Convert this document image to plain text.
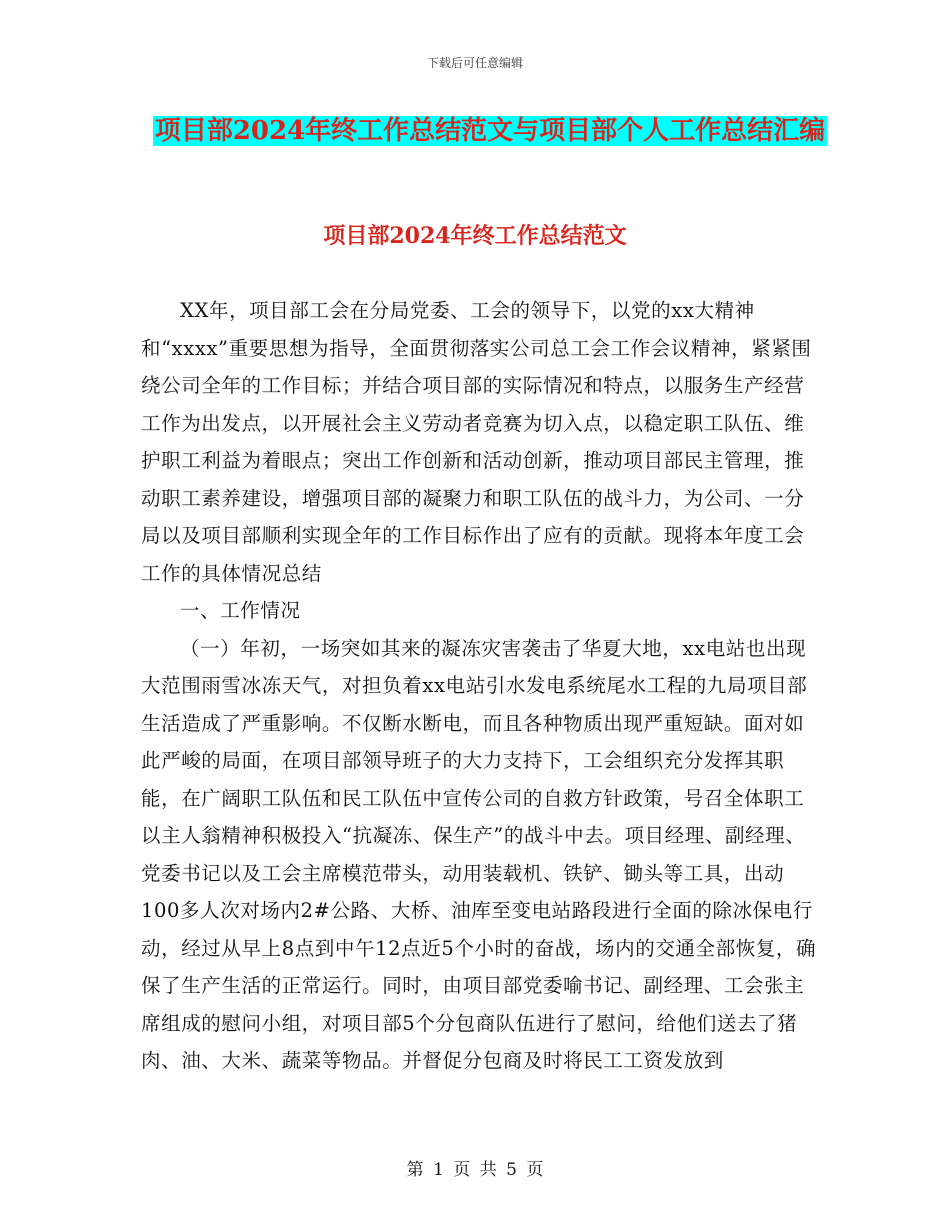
下载后可任意编辑
项目部2024年终工作总结范文与项目部个人工作总结汇编
项目部2024年终工作总结范文

XX年，项目部工会在分局党委、工会的领导下，以党的xx大精神和“xxxx”重要思想为指导，全面贯彻落实公司总工会工作会议精神，紧紧围绕公司全年的工作目标；并结合项目部的实际情况和特点，以服务生产经营工作为出发点，以开展社会主义劳动者竞赛为切入点，以稳定职工队伍、维护职工利益为着眼点；突出工作创新和活动创新，推动项目部民主管理，推动职工素养建设，增强项目部的凝聚力和职工队伍的战斗力，为公司、一分局以及项目部顺利实现全年的工作目标作出了应有的贡献。现将本年度工会工作的具体情况总结

一、工作情况

（一）年初，一场突如其来的凝冻灾害袭击了华夏大地，xx电站也出现大范围雨雪冰冻天气，对担负着xx电站引水发电系统尾水工程的九局项目部生活造成了严重影响。不仅断水断电，而且各种物质出现严重短缺。面对如此严峻的局面，在项目部领导班子的大力支持下，工会组织充分发挥其职能，在广阔职工队伍和民工队伍中宣传公司的自救方针政策，号召全体职工以主人翁精神积极投入“抗凝冻、保生产”的战斗中去。项目经理、副经理、党委书记以及工会主席模范带头，动用装载机、铁铲、锄头等工具，出动100多人次对场内2#公路、大桥、油库至变电站路段进行全面的除冰保电行动，经过从早上8点到中午12点近5个小时的奋战，场内的交通全部恢复，确保了生产生活的正常运行。同时，由项目部党委喻书记、副经理、工会张主席组成的慰问小组，对项目部5个分包商队伍进行了慰问，给他们送去了猪肉、油、大米、蔬菜等物品。并督促分包商及时将民工工资发放到

第 1 页 共 5 页
